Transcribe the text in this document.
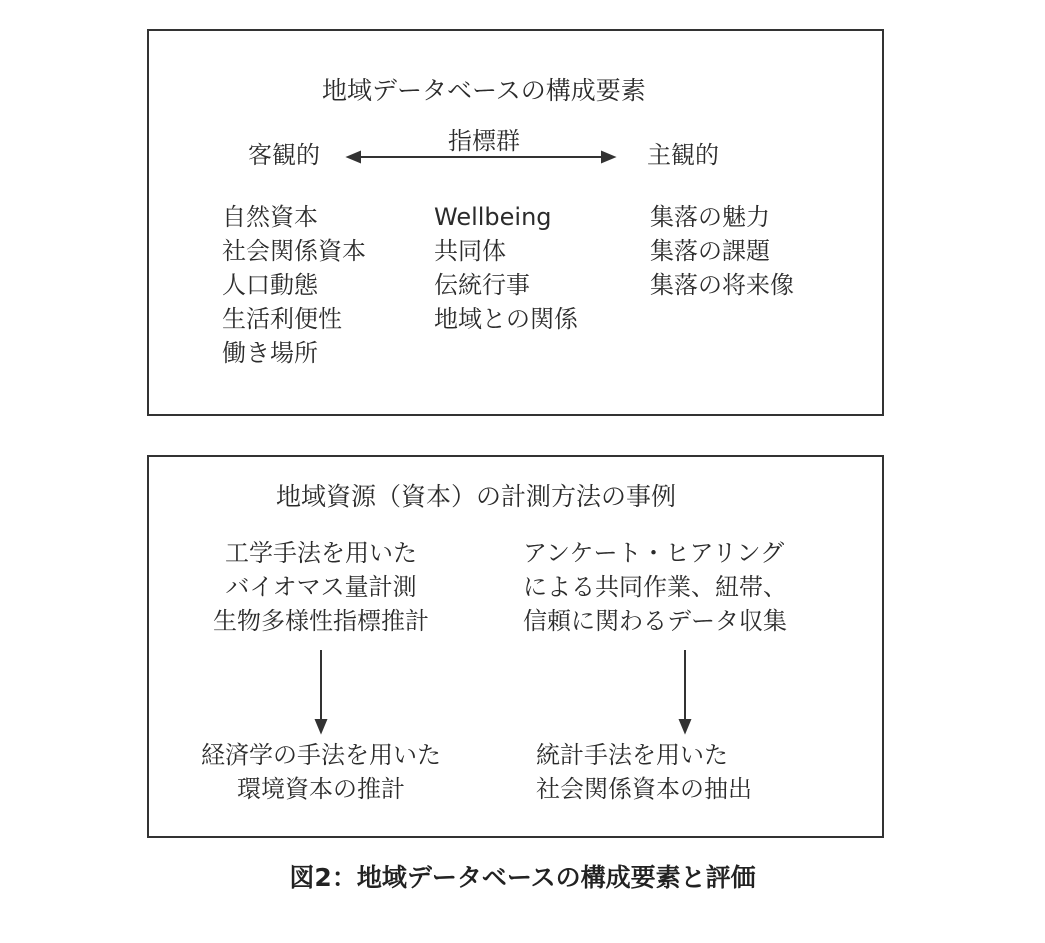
地域データベースの構成要素
客観的	指標群	主観的
自然資本
社会関係資本
人口動態
生活利便性
働き場所
Wellbeing
共同体
伝統行事
地域との関係
集落の魅力
集落の課題
集落の将来像
地域資源（資本）の計測方法の事例
工学手法を用いた
バイオマス量計測
生物多様性指標推計
経済学の手法を用いた
環境資本の推計
アンケート・ヒアリング
による共同作業、紐帯、
信頼に関わるデータ収集
統計手法を用いた
社会関係資本の抽出
図2：地域データベースの構成要素と評価
